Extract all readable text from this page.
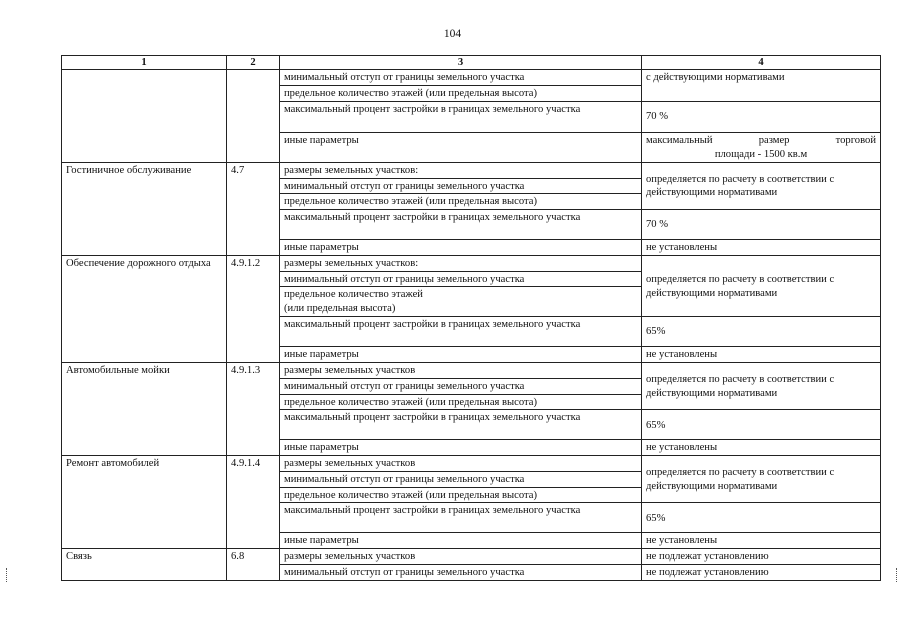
104
1	2	3	4
		минимальный отступ от границы земельного участка	с действующими нормативами
		предельное количество этажей (или предельная высота)	
		максимальный процент застройки в границах земельного участка	70 %
		иные параметры	максимальный размер торговой
площади - 1500 кв.м

Гостиничное обслуживание	4.7	размеры земельных участков:	определяется по расчету в соответствии с действующими нормативами
		минимальный отступ от границы земельного участка	
		предельное количество этажей (или предельная высота)	
		максимальный процент застройки в границах земельного участка	70 %
		иные параметры	не установлены
Обеспечение дорожного отдыха	4.9.1.2	размеры земельных участков:	определяется по расчету в соответствии с действующими нормативами
		минимальный отступ от границы земельного участка	

		предельное количество этажей
(или предельная высота)	

		максимальный процент застройки в границах земельного участка	65%
		иные параметры	не установлены
Автомобильные мойки	4.9.1.3	размеры земельных участков	определяется по расчету в соответствии с действующими нормативами
		минимальный отступ от границы земельного участка	
		предельное количество этажей (или предельная высота)	
		максимальный процент застройки в границах земельного участка	65%
		иные параметры	не установлены
Ремонт автомобилей	4.9.1.4	размеры земельных участков	определяется по расчету в соответствии с действующими нормативами
		минимальный отступ от границы земельного участка	
		предельное количество этажей (или предельная высота)	
		максимальный процент застройки в границах земельного участка	65%
		иные параметры	не установлены
Связь	6.8	размеры земельных участков	не подлежат установлению
		минимальный отступ от границы земельного участка	не подлежат установлению
